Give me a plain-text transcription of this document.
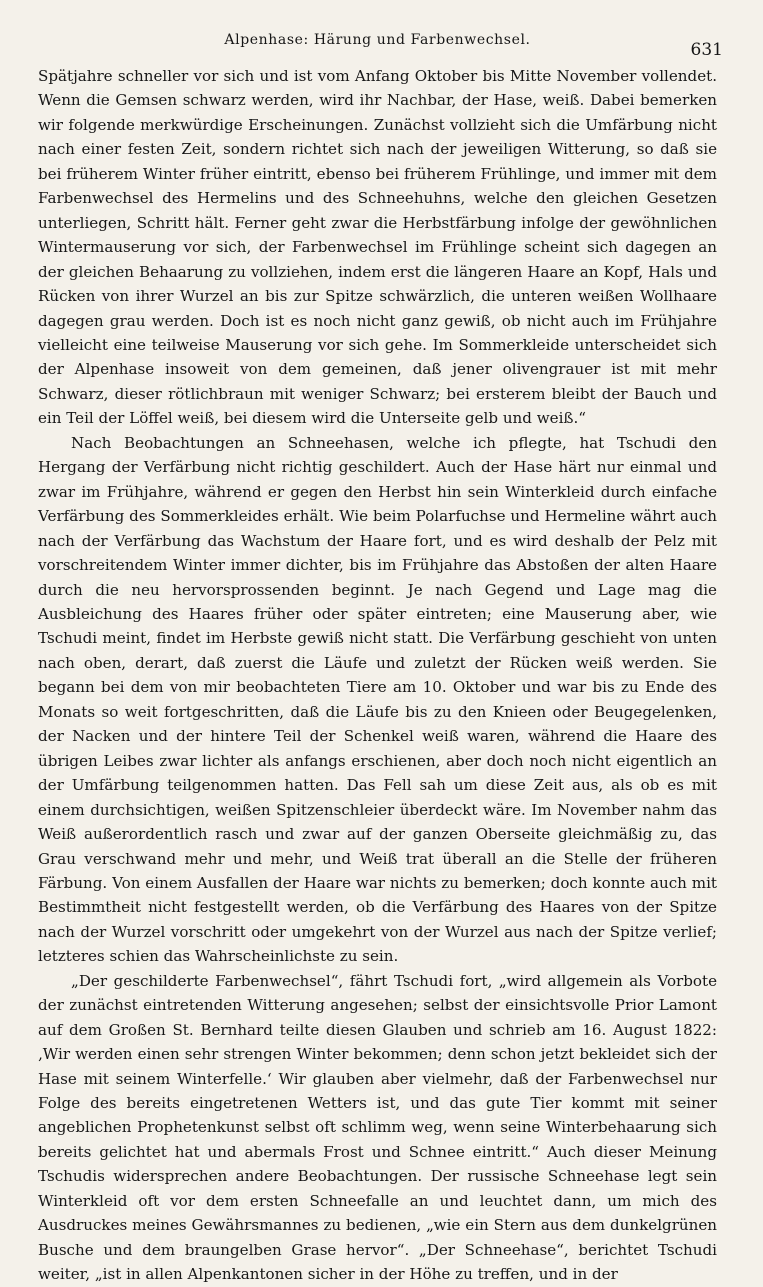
Alpenhase: Härung und Farbenwechsel.	631

Spätjahre schneller vor sich und ist vom Anfang Oktober bis Mitte November vollendet. Wenn die Gemsen schwarz werden, wird ihr Nachbar, der Hase, weiß. Dabei bemerken wir folgende merkwürdige Erscheinungen. Zunächst vollzieht sich die Umfärbung nicht nach einer festen Zeit, sondern richtet sich nach der jeweiligen Witterung, so daß sie bei früherem Winter früher eintritt, ebenso bei früherem Frühlinge, und immer mit dem Farbenwechsel des Hermelins und des Schneehuhns, welche den gleichen Gesetzen unterliegen, Schritt hält. Ferner geht zwar die Herbstfärbung infolge der gewöhnlichen Wintermauserung vor sich, der Farbenwechsel im Frühlinge scheint sich dagegen an der gleichen Behaarung zu vollziehen, indem erst die längeren Haare an Kopf, Hals und Rücken von ihrer Wurzel an bis zur Spitze schwärzlich, die unteren weißen Wollhaare dagegen grau werden. Doch ist es noch nicht ganz gewiß, ob nicht auch im Frühjahre vielleicht eine teilweise Mauserung vor sich gehe. Im Sommerkleide unterscheidet sich der Alpenhase insoweit von dem gemeinen, daß jener olivengrauer ist mit mehr Schwarz, dieser rötlichbraun mit weniger Schwarz; bei ersterem bleibt der Bauch und ein Teil der Löffel weiß, bei diesem wird die Unterseite gelb und weiß.“

Nach Beobachtungen an Schneehasen, welche ich pflegte, hat Tschudi den Hergang der Verfärbung nicht richtig geschildert. Auch der Hase härt nur einmal und zwar im Frühjahre, während er gegen den Herbst hin sein Winterkleid durch einfache Verfärbung des Sommerkleides erhält. Wie beim Polarfuchse und Hermeline währt auch nach der Verfärbung das Wachstum der Haare fort, und es wird deshalb der Pelz mit vorschreitendem Winter immer dichter, bis im Frühjahre das Abstoßen der alten Haare durch die neu hervorsprossenden beginnt. Je nach Gegend und Lage mag die Ausbleichung des Haares früher oder später eintreten; eine Mauserung aber, wie Tschudi meint, findet im Herbste gewiß nicht statt. Die Verfärbung geschieht von unten nach oben, derart, daß zuerst die Läufe und zuletzt der Rücken weiß werden. Sie begann bei dem von mir beobachteten Tiere am 10. Oktober und war bis zu Ende des Monats so weit fortgeschritten, daß die Läufe bis zu den Knieen oder Beugegelenken, der Nacken und der hintere Teil der Schenkel weiß waren, während die Haare des übrigen Leibes zwar lichter als anfangs erschienen, aber doch noch nicht eigentlich an der Umfärbung teilgenommen hatten. Das Fell sah um diese Zeit aus, als ob es mit einem durchsichtigen, weißen Spitzenschleier überdeckt wäre. Im November nahm das Weiß außerordentlich rasch und zwar auf der ganzen Oberseite gleichmäßig zu, das Grau verschwand mehr und mehr, und Weiß trat überall an die Stelle der früheren Färbung. Von einem Ausfallen der Haare war nichts zu bemerken; doch konnte auch mit Bestimmtheit nicht festgestellt werden, ob die Verfärbung des Haares von der Spitze nach der Wurzel vorschritt oder umgekehrt von der Wurzel aus nach der Spitze verlief; letzteres schien das Wahrscheinlichste zu sein.

„Der geschilderte Farbenwechsel“, fährt Tschudi fort, „wird allgemein als Vorbote der zunächst eintretenden Witterung angesehen; selbst der einsichtsvolle Prior Lamont auf dem Großen St. Bernhard teilte diesen Glauben und schrieb am 16. August 1822: ‚Wir werden einen sehr strengen Winter bekommen; denn schon jetzt bekleidet sich der Hase mit seinem Winterfelle.‘ Wir glauben aber vielmehr, daß der Farbenwechsel nur Folge des bereits eingetretenen Wetters ist, und das gute Tier kommt mit seiner angeblichen Prophetenkunst selbst oft schlimm weg, wenn seine Winterbehaarung sich bereits gelichtet hat und abermals Frost und Schnee eintritt.“ Auch dieser Meinung Tschudis widersprechen andere Beobachtungen. Der russische Schneehase legt sein Winterkleid oft vor dem ersten Schneefalle an und leuchtet dann, um mich des Ausdruckes meines Gewährsmannes zu bedienen, „wie ein Stern aus dem dunkelgrünen Busche und dem braungelben Grase hervor“. „Der Schneehase“, berichtet Tschudi weiter, „ist in allen Alpenkantonen sicher in der Höhe zu treffen, und in der
